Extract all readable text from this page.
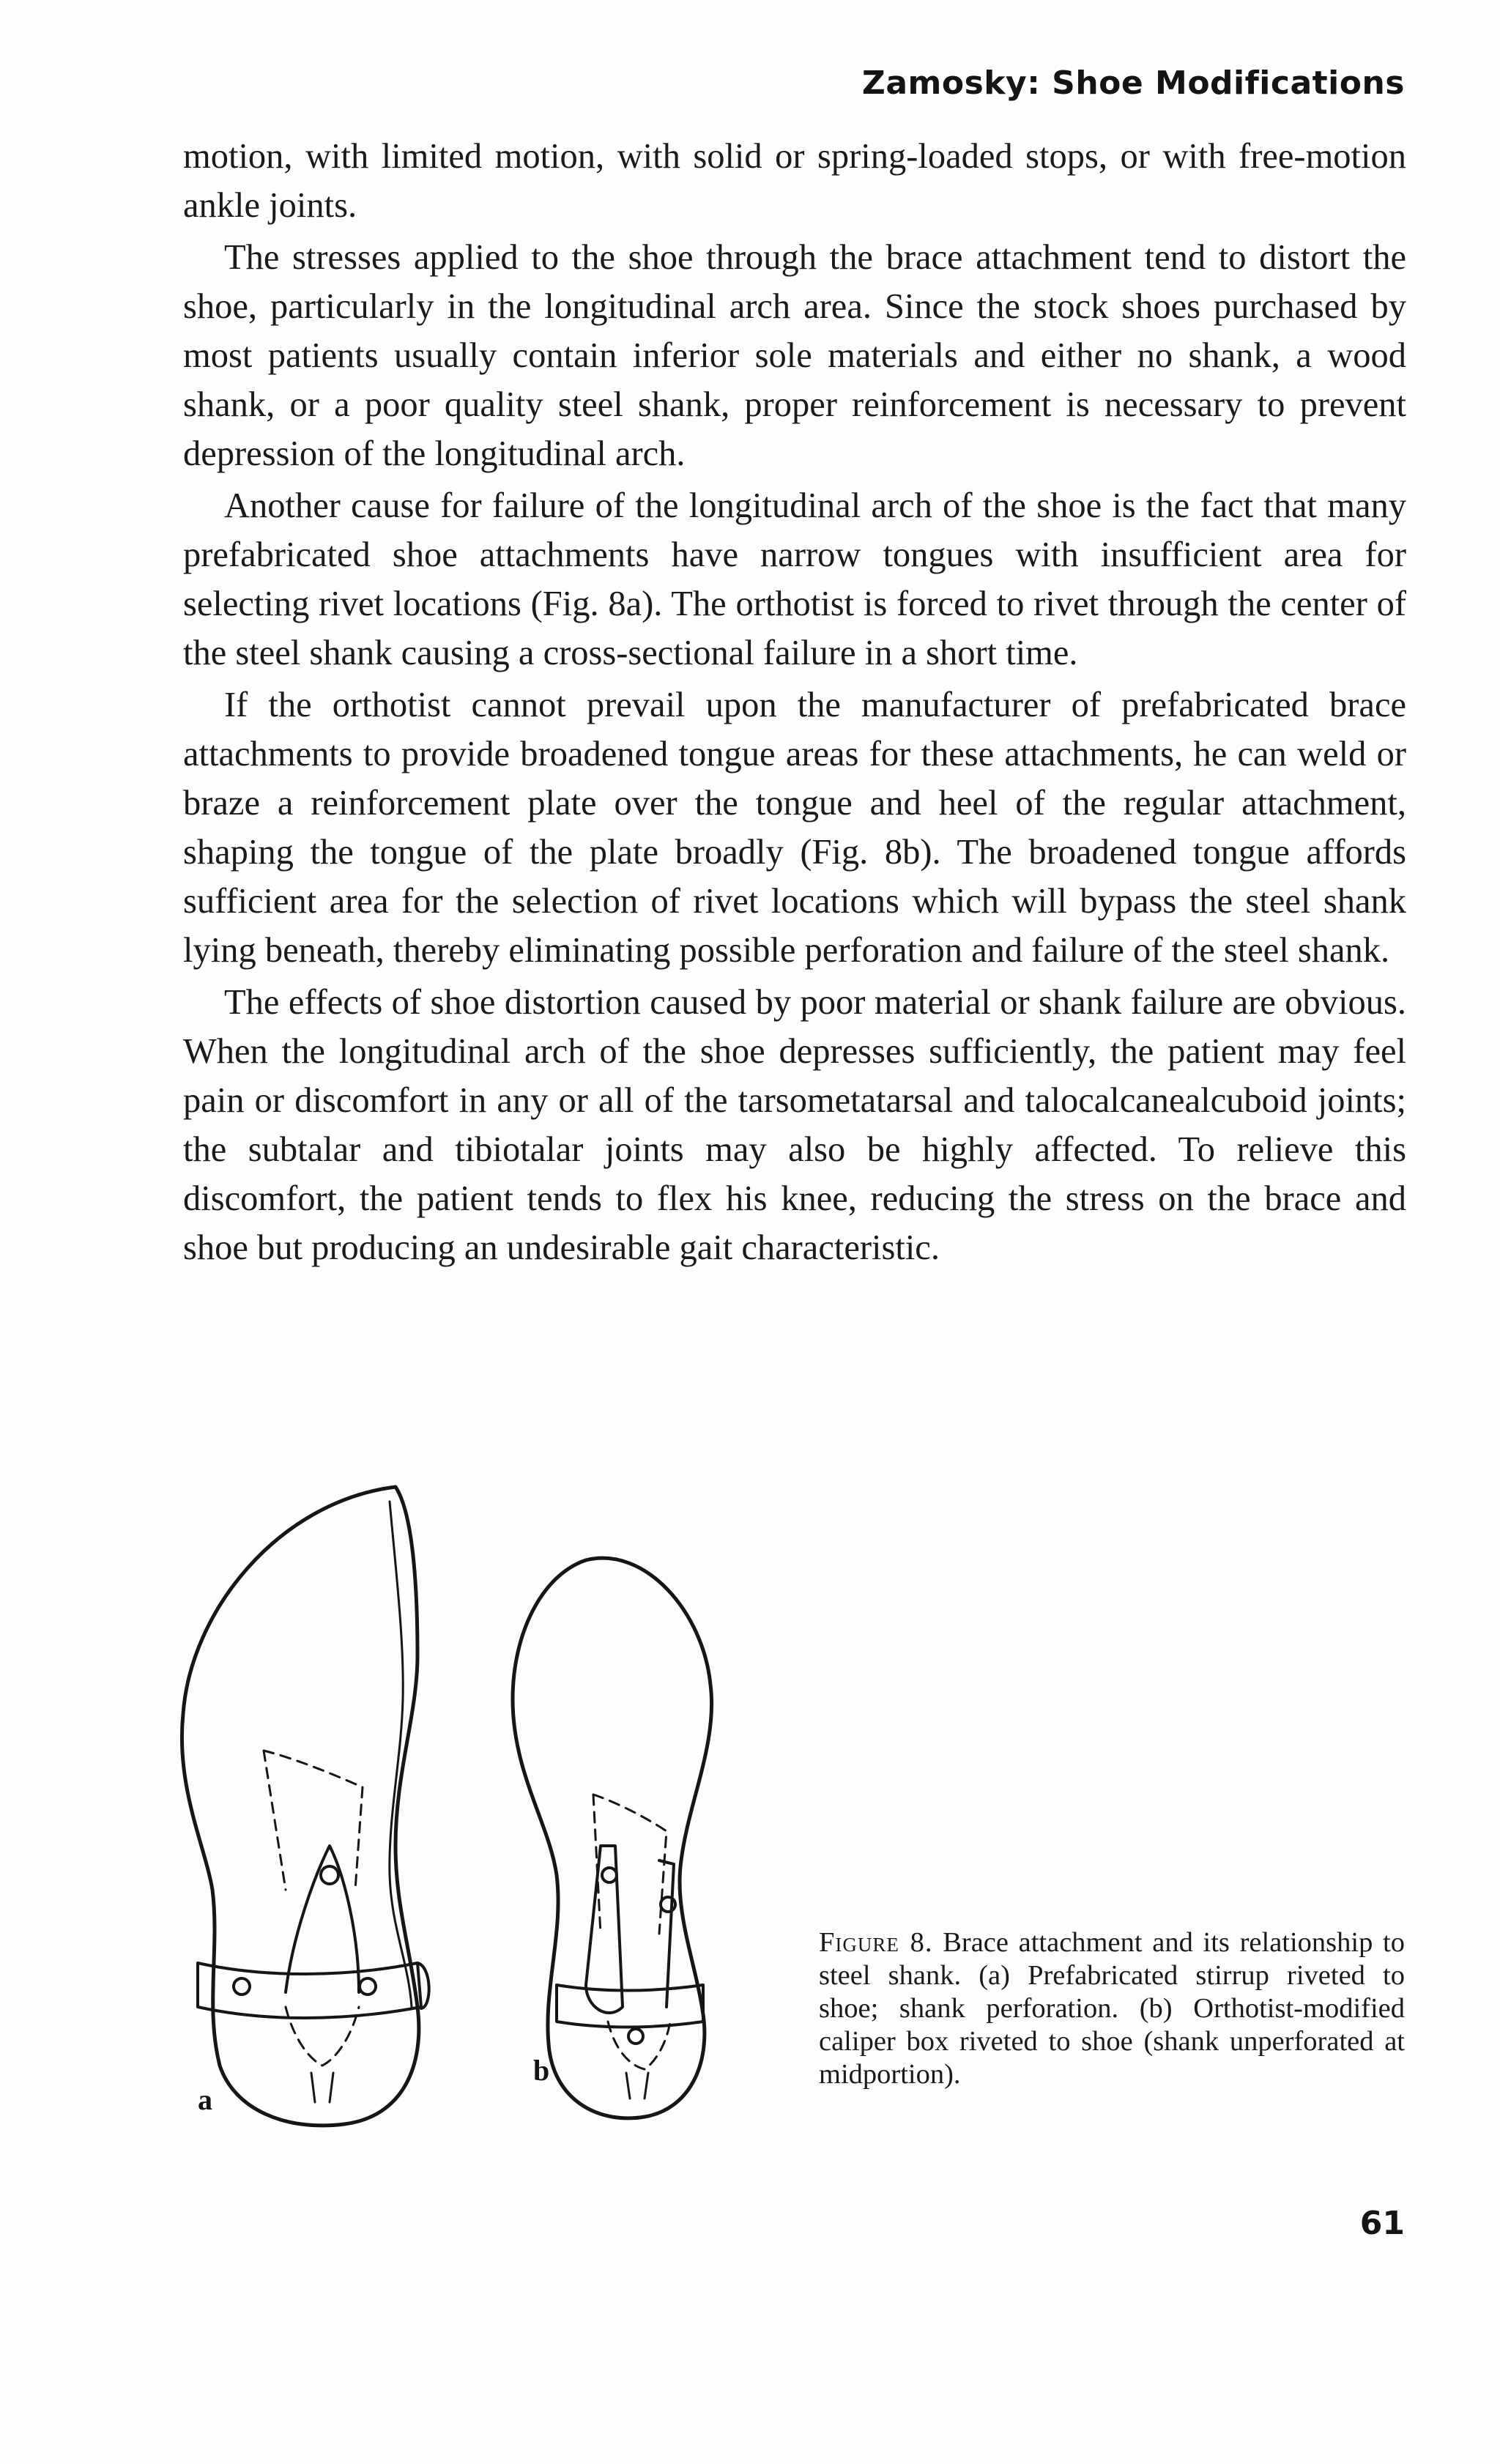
Zamosky: Shoe Modifications

motion, with limited motion, with solid or spring-loaded stops, or with free-motion ankle joints.

The stresses applied to the shoe through the brace attachment tend to distort the shoe, particularly in the longitudinal arch area. Since the stock shoes purchased by most patients usually contain inferior sole materials and either no shank, a wood shank, or a poor quality steel shank, proper reinforcement is necessary to prevent depression of the longitudinal arch.

Another cause for failure of the longitudinal arch of the shoe is the fact that many prefabricated shoe attachments have narrow tongues with insufficient area for selecting rivet locations (Fig. 8a). The orthotist is forced to rivet through the center of the steel shank causing a cross-sectional failure in a short time.

If the orthotist cannot prevail upon the manufacturer of prefabricated brace attachments to provide broadened tongue areas for these attachments, he can weld or braze a reinforcement plate over the tongue and heel of the regular attachment, shaping the tongue of the plate broadly (Fig. 8b). The broadened tongue affords sufficient area for the selection of rivet locations which will bypass the steel shank lying beneath, thereby eliminating possible perforation and failure of the steel shank.

The effects of shoe distortion caused by poor material or shank failure are obvious. When the longitudinal arch of the shoe depresses sufficiently, the patient may feel pain or discomfort in any or all of the tarsometatarsal and talocalcanealcuboid joints; the subtalar and tibiotalar joints may also be highly affected. To relieve this discomfort, the patient tends to flex his knee, reducing the stress on the brace and shoe but producing an undesirable gait characteristic.

a
b
Figure 8. Brace attachment and its relationship to steel shank. (a) Prefabricated stirrup riveted to shoe; shank perforation. (b) Orthotist-modified caliper box riveted to shoe (shank unperforated at midportion).
61
